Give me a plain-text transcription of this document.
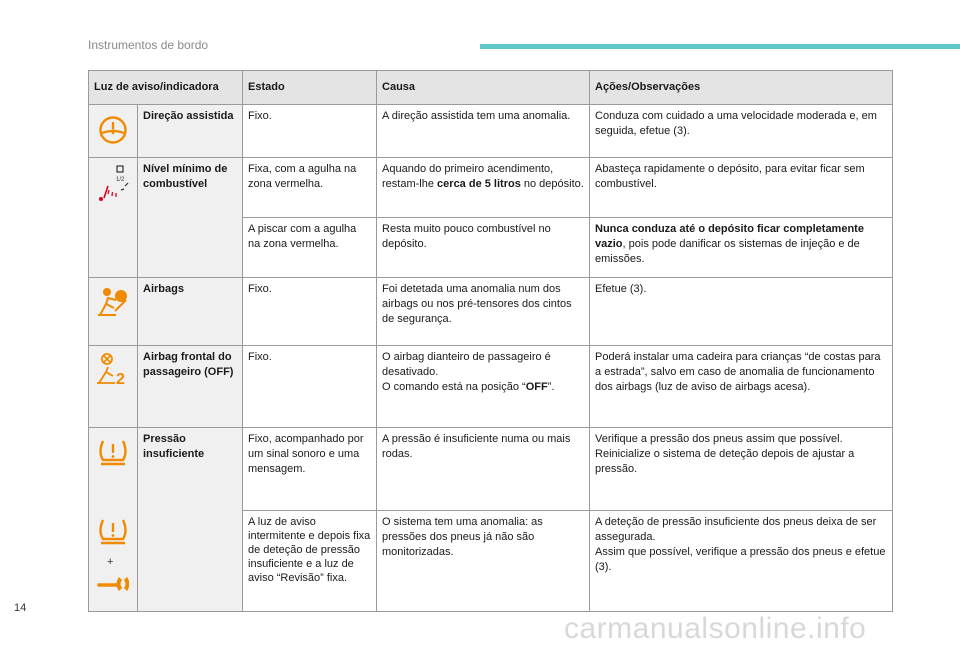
Instrumentos de bordo
Luz de aviso/indicadora		Estado	Causa	Ações/Observações

	Direção assistida	Fixo.	A direção assistida tem uma anomalia.	Conduza com cuidado a uma velocidade moderada e, em seguida, efetue (3).

1/2	Nível mínimo de combustível	Fixa, com a agulha na zona vermelha.	Aquando do primeiro acendimento, restam-lhe cerca de 5 litros no depósito.	Abasteça rapidamente o depósito, para evitar ficar sem combustível.
		A piscar com a agulha na zona vermelha.	Resta muito pouco combustível no depósito.	Nunca conduza até o depósito ficar completamente vazio, pois pode danificar os sistemas de injeção e de emissões.

	Airbags	Fixo.	Foi detetada uma anomalia num dos airbags ou nos pré-tensores dos cintos de segurança.	Efetue (3).

2	Airbag frontal do passageiro (OFF)	Fixo.	O airbag dianteiro de passageiro é desativado.
O comando está na posição “OFF”.	Poderá instalar uma cadeira para crianças “de costas para a estrada”, salvo em caso de anomalia de funcionamento dos airbags (luz de aviso de airbags acesa).

+	Pressão insuficiente	Fixo, acompanhado por um sinal sonoro e uma mensagem.	A pressão é insuficiente numa ou mais rodas.	Verifique a pressão dos pneus assim que possível. Reinicialize o sistema de deteção depois de ajustar a pressão.
		A luz de aviso intermitente e depois fixa de deteção de pressão insuficiente e a luz de aviso “Revisão” fixa.	O sistema tem uma anomalia: as pressões dos pneus já não são monitorizadas.	A deteção de pressão insuficiente dos pneus deixa de ser assegurada.
Assim que possível, verifique a pressão dos pneus e efetue (3).
14
carmanualsonline.info
